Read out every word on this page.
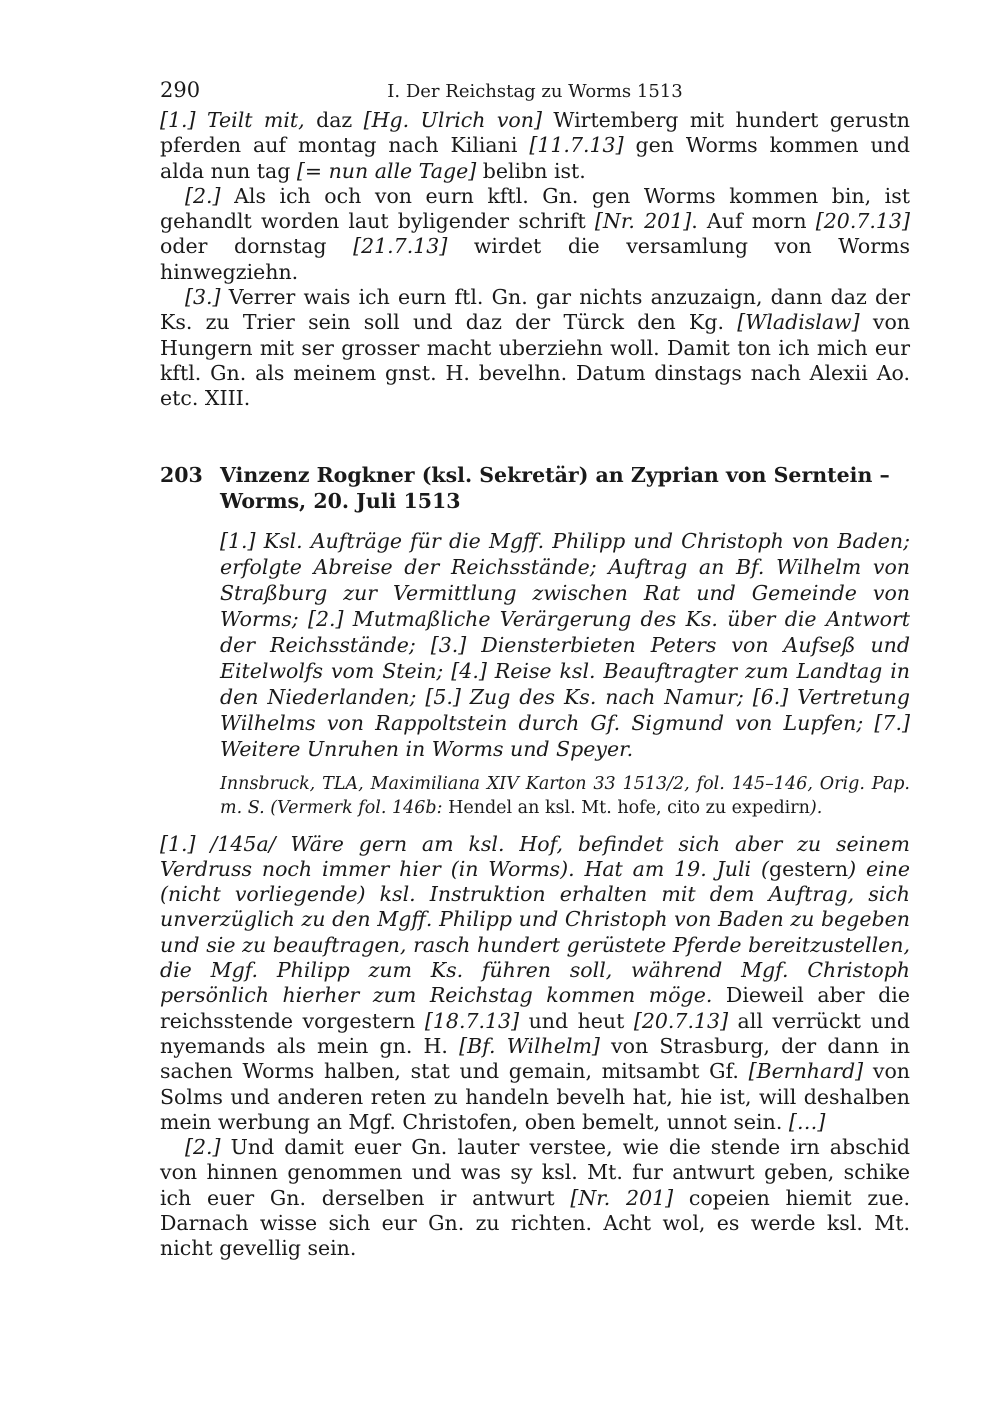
290	I. Der Reichstag zu Worms 1513

[1.] Teilt mit, daz [Hg. Ulrich von] Wirtemberg mit hundert gerustn pferden auf montag nach Kiliani [11.7.13] gen Worms kommen und alda nun tag [= nun alle Tage] belibn ist.

[2.] Als ich och von eurn kftl. Gn. gen Worms kommen bin, ist gehandlt worden laut byligender schrift [Nr. 201]. Auf morn [20.7.13] oder dornstag [21.7.13] wirdet die versamlung von Worms hinwegziehn.

[3.] Verrer wais ich eurn ftl. Gn. gar nichts anzuzaign, dann daz der Ks. zu Trier sein soll und daz der Türck den Kg. [Wladislaw] von Hungern mit ser grosser macht uberziehn woll. Damit ton ich mich eur kftl. Gn. als meinem gnst. H. bevelhn. Datum dinstags nach Alexii Ao. etc. XIII.

203 Vinzenz Rogkner (ksl. Sekretär) an Zyprian von Serntein – Worms, 20. Juli 1513

[1.] Ksl. Aufträge für die Mgff. Philipp und Christoph von Baden; erfolgte Abreise der Reichsstände; Auftrag an Bf. Wilhelm von Straßburg zur Vermittlung zwischen Rat und Gemeinde von Worms; [2.] Mutmaßliche Verärgerung des Ks. über die Antwort der Reichsstände; [3.] Diensterbieten Peters von Aufseß und Eitelwolfs vom Stein; [4.] Reise ksl. Beauftragter zum Landtag in den Niederlanden; [5.] Zug des Ks. nach Namur; [6.] Vertretung Wilhelms von Rappoltstein durch Gf. Sigmund von Lupfen; [7.] Weitere Unruhen in Worms und Speyer.

Innsbruck, TLA, Maximiliana XIV Karton 33 1513/2, fol. 145–146, Orig. Pap. m. S. (Vermerk fol. 146b: Hendel an ksl. Mt. hofe, cito zu expedirn).

[1.] /145a/ Wäre gern am ksl. Hof, befindet sich aber zu seinem Verdruss noch immer hier (in Worms). Hat am 19. Juli (gestern) eine (nicht vorliegende) ksl. Instruktion erhalten mit dem Auftrag, sich unverzüglich zu den Mgff. Philipp und Christoph von Baden zu begeben und sie zu beauftragen, rasch hundert gerüstete Pferde bereitzustellen, die Mgf. Philipp zum Ks. führen soll, während Mgf. Christoph persönlich hierher zum Reichstag kommen möge. Dieweil aber die reichsstende vorgestern [18.7.13] und heut [20.7.13] all verrückt und nyemands als mein gn. H. [Bf. Wilhelm] von Strasburg, der dann in sachen Worms halben, stat und gemain, mitsambt Gf. [Bernhard] von Solms und anderen reten zu handeln bevelh hat, hie ist, will deshalben mein werbung an Mgf. Christofen, oben bemelt, unnot sein. […]

[2.] Und damit euer Gn. lauter verstee, wie die stende irn abschid von hinnen genommen und was sy ksl. Mt. fur antwurt geben, schike ich euer Gn. derselben ir antwurt [Nr. 201] copeien hiemit zue. Darnach wisse sich eur Gn. zu richten. Acht wol, es werde ksl. Mt. nicht gevellig sein.
